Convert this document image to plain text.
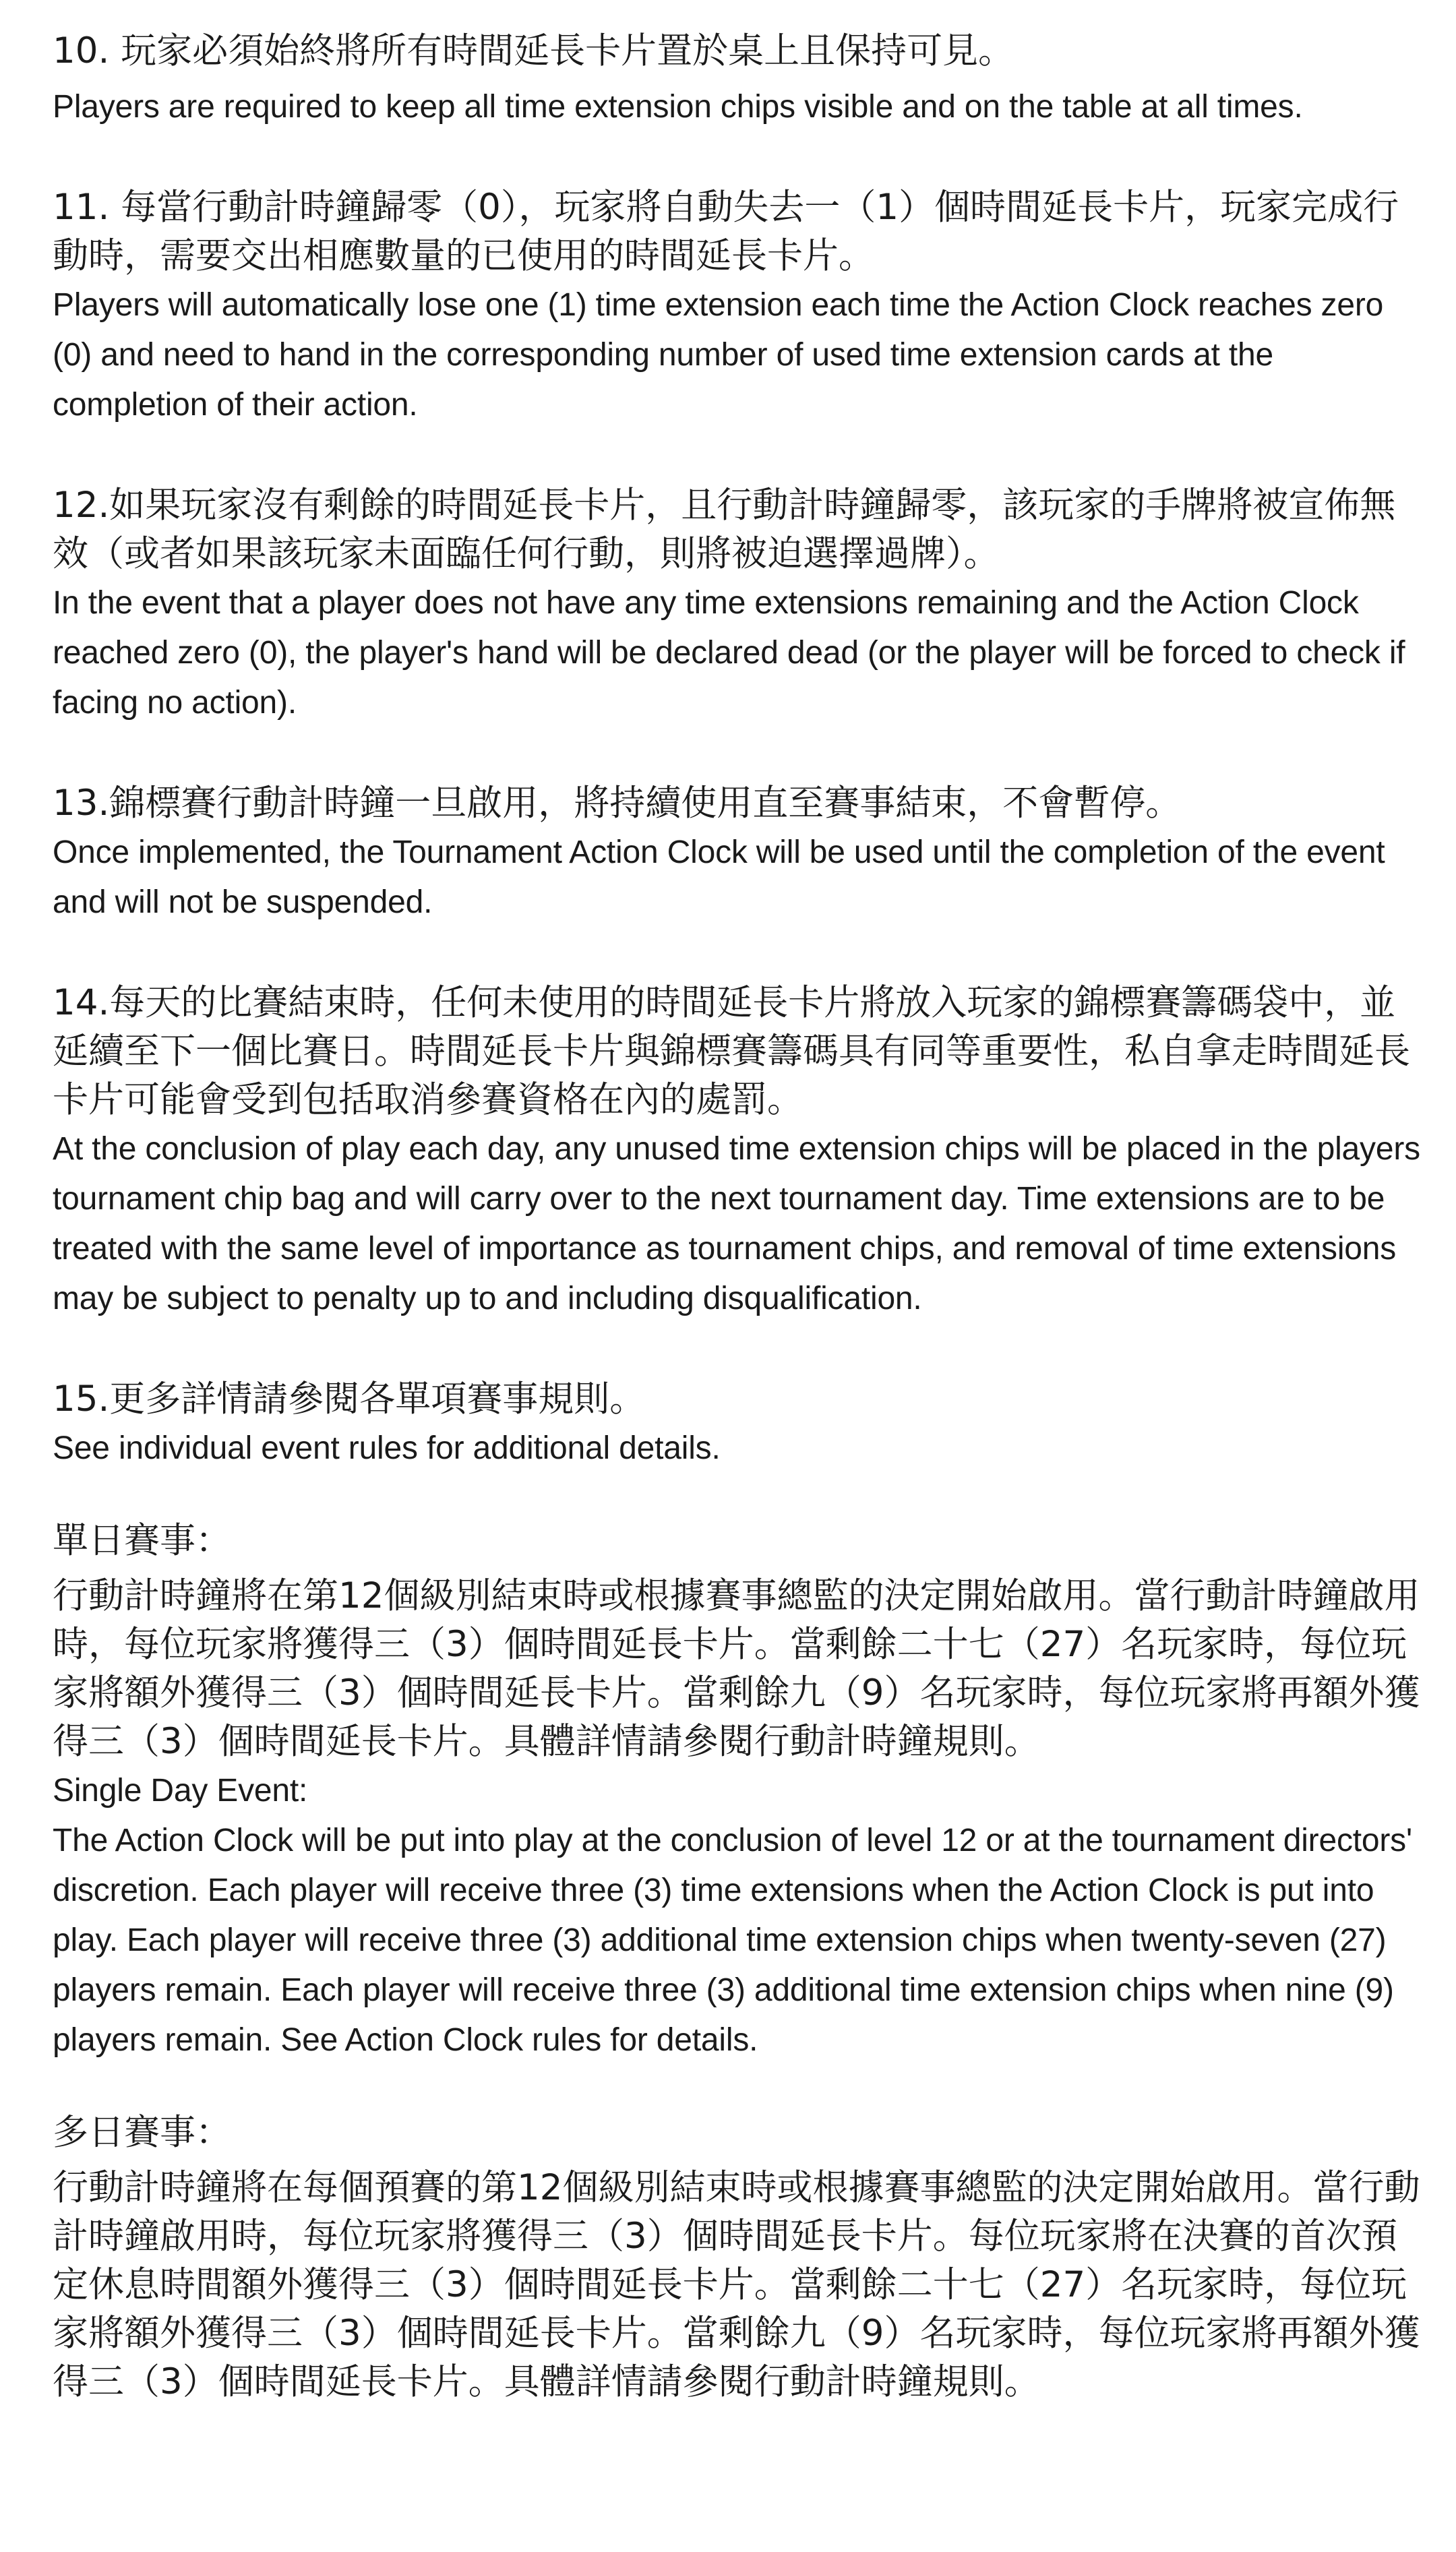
10. 玩家必須始終將所有時間延長卡片置於桌上且保持可見。

Players are required to keep all time extension chips visible and on the table at all times.

11. 每當行動計時鐘歸零（0），玩家將自動失去一（1）個時間延長卡片，玩家完成行動時，需要交出相應數量的已使用的時間延長卡片。

Players will automatically lose one (1) time extension each time the Action Clock reaches zero (0) and need to hand in the corresponding number of used time extension cards at the completion of their action.

12.如果玩家沒有剩餘的時間延長卡片，且行動計時鐘歸零，該玩家的手牌將被宣佈無效（或者如果該玩家未面臨任何行動，則將被迫選擇過牌）。

In the event that a player does not have any time extensions remaining and the Action Clock reached zero (0), the player's hand will be declared dead (or the player will be forced to check if facing no action).

13.錦標賽行動計時鐘一旦啟用，將持續使用直至賽事結束，不會暫停。

Once implemented, the Tournament Action Clock will be used until the completion of the event and will not be suspended.

14.每天的比賽結束時，任何未使用的時間延長卡片將放入玩家的錦標賽籌碼袋中，並延續至下一個比賽日。時間延長卡片與錦標賽籌碼具有同等重要性，私自拿走時間延長卡片可能會受到包括取消參賽資格在內的處罰。

At the conclusion of play each day, any unused time extension chips will be placed in the players tournament chip bag and will carry over to the next tournament day. Time extensions are to be treated with the same level of importance as tournament chips, and removal of time extensions may be subject to penalty up to and including disqualification.

15.更多詳情請參閱各單項賽事規則。

See individual event rules for additional details.

單日賽事：

行動計時鐘將在第12個級別結束時或根據賽事總監的決定開始啟用。當行動計時鐘啟用時，每位玩家將獲得三（3）個時間延長卡片。當剩餘二十七（27）名玩家時，每位玩家將額外獲得三（3）個時間延長卡片。當剩餘九（9）名玩家時，每位玩家將再額外獲得三（3）個時間延長卡片。具體詳情請參閱行動計時鐘規則。

Single Day Event:

The Action Clock will be put into play at the conclusion of level 12 or at the tournament directors' discretion. Each player will receive three (3) time extensions when the Action Clock is put into play. Each player will receive three (3) additional time extension chips when twenty-seven (27) players remain. Each player will receive three (3) additional time extension chips when nine (9) players remain. See Action Clock rules for details.

多日賽事：

行動計時鐘將在每個預賽的第12個級別結束時或根據賽事總監的決定開始啟用。當行動計時鐘啟用時，每位玩家將獲得三（3）個時間延長卡片。每位玩家將在決賽的首次預定休息時間額外獲得三（3）個時間延長卡片。當剩餘二十七（27）名玩家時，每位玩家將額外獲得三（3）個時間延長卡片。當剩餘九（9）名玩家時，每位玩家將再額外獲得三（3）個時間延長卡片。具體詳情請參閱行動計時鐘規則。
